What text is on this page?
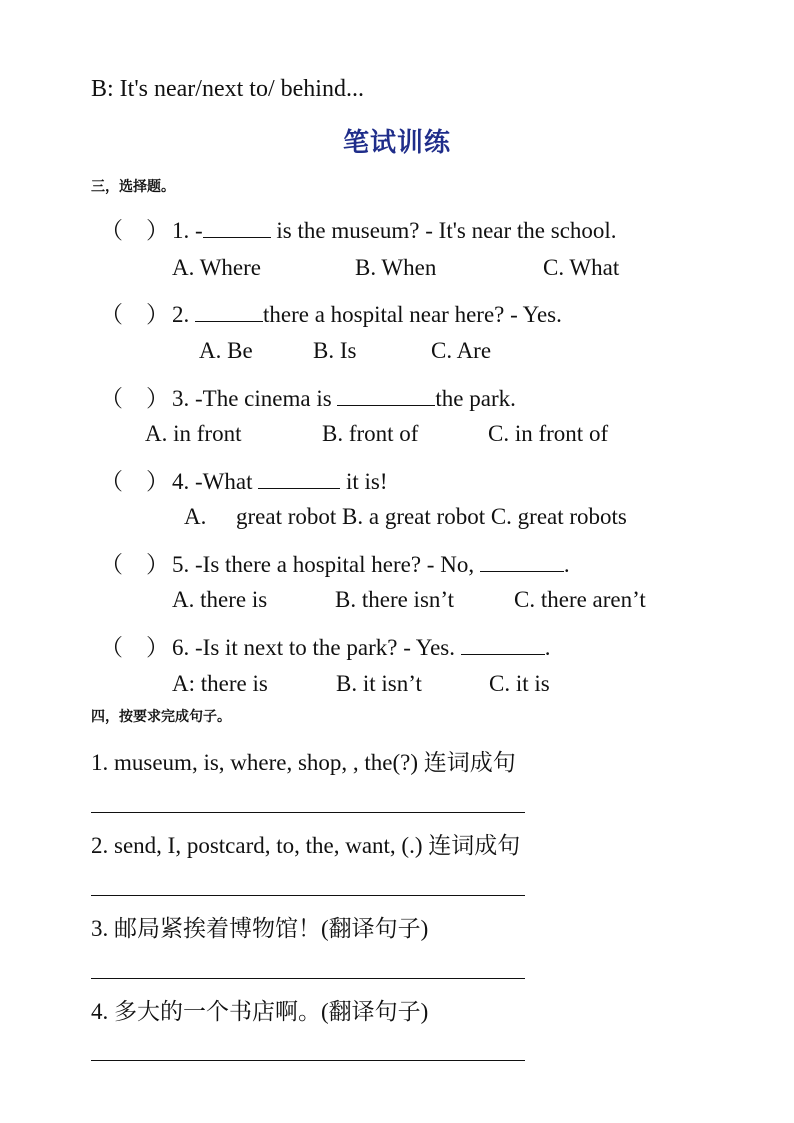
B: It's near/next to/ behind...
笔试训练
三，选择题。
（　） 1. -	is the museum? - It's near the school.
A. Where	B. When	C. What
（　） 2.	there a hospital near here? - Yes.
A. Be	B. Is	C. Are
（　） 3. -The cinema is	the park.
A. in front	B. front of	C. in front of
（　） 4. -What	it is!
A. great robot B. a great robot C. great robots
（　） 5. -Is there a hospital here? - No,	.
A. there is	B. there isn’t	C. there aren’t
（　） 6. -Is it next to the park? - Yes.	.
A: there is	B. it isn’t	C. it is
四，按要求完成句子。
1. museum, is, where, shop, , the(?) 连词成句
2. send, I, postcard, to, the, want, (.) 连词成句
3. 邮局紧挨着博物馆！(翻译句子)
4. 多大的一个书店啊。(翻译句子)
